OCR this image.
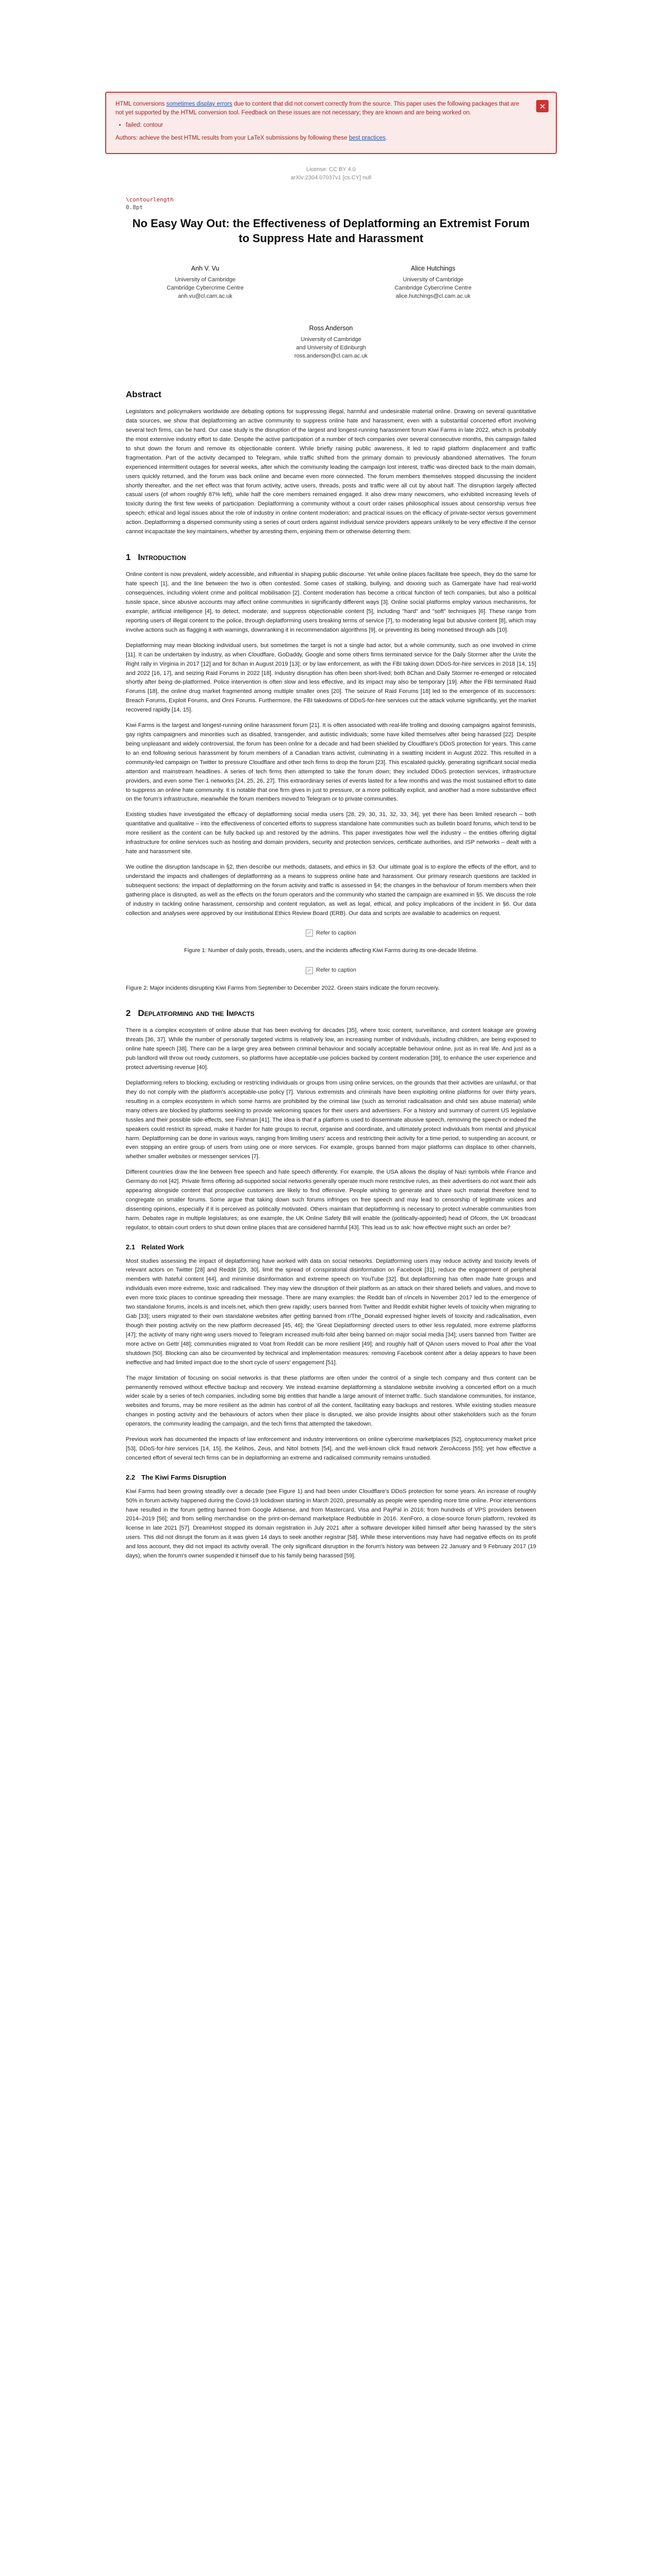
✕

HTML conversions sometimes display errors due to content that did not convert correctly from the source. This paper uses the following packages that are not yet supported by the HTML conversion tool. Feedback on these issues are not necessary; they are known and are being worked on.

• failed: contour

Authors: achieve the best HTML results from your LaTeX submissions by following these best practices.

License: CC BY 4.0
arXiv:2304.07037v1 [cs.CY] null
\contourlength
0.8pt
No Easy Way Out: the Effectiveness of Deplatforming an Extremist Forum to Suppress Hate and Harassment
Anh V. Vu
University of Cambridge
Cambridge Cybercrime Centre
anh.vu@cl.cam.ac.uk
Alice Hutchings
University of Cambridge
Cambridge Cybercrime Centre
alice.hutchings@cl.cam.ac.uk
Ross Anderson
University of Cambridge
and University of Edinburgh
ross.anderson@cl.cam.ac.uk
Abstract

Legislators and policymakers worldwide are debating options for suppressing illegal, harmful and undesirable material online. Drawing on several quantitative data sources, we show that deplatforming an active community to suppress online hate and harassment, even with a substantial concerted effort involving several tech firms, can be hard. Our case study is the disruption of the largest and longest-running harassment forum Kiwi Farms in late 2022, which is probably the most extensive industry effort to date. Despite the active participation of a number of tech companies over several consecutive months, this campaign failed to shut down the forum and remove its objectionable content. While briefly raising public awareness, it led to rapid platform displacement and traffic fragmentation. Part of the activity decamped to Telegram, while traffic shifted from the primary domain to previously abandoned alternatives. The forum experienced intermittent outages for several weeks, after which the community leading the campaign lost interest, traffic was directed back to the main domain, users quickly returned, and the forum was back online and became even more connected. The forum members themselves stopped discussing the incident shortly thereafter, and the net effect was that forum activity, active users, threads, posts and traffic were all cut by about half. The disruption largely affected casual users (of whom roughly 87% left), while half the core members remained engaged. It also drew many newcomers, who exhibited increasing levels of toxicity during the first few weeks of participation. Deplatforming a community without a court order raises philosophical issues about censorship versus free speech; ethical and legal issues about the role of industry in online content moderation; and practical issues on the efficacy of private-sector versus government action. Deplatforming a dispersed community using a series of court orders against individual service providers appears unlikely to be very effective if the censor cannot incapacitate the key maintainers, whether by arresting them, enjoining them or otherwise deterring them.

1 Introduction

Online content is now prevalent, widely accessible, and influential in shaping public discourse. Yet while online places facilitate free speech, they do the same for hate speech [1], and the line between the two is often contested. Some cases of stalking, bullying, and doxxing such as Gamergate have had real-world consequences, including violent crime and political mobilisation [2]. Content moderation has become a critical function of tech companies, but also a political tussle space, since abusive accounts may affect online communities in significantly different ways [3]. Online social platforms employ various mechanisms, for example, artificial intelligence [4], to detect, moderate, and suppress objectionable content [5], including "hard" and "soft" techniques [6]. These range from reporting users of illegal content to the police, through deplatforming users breaking terms of service [7], to moderating legal but abusive content [8], which may involve actions such as flagging it with warnings, downranking it in recommendation algorithms [9], or preventing its being monetised through ads [10].

Deplatforming may mean blocking individual users, but sometimes the target is not a single bad actor, but a whole community, such as one involved in crime [11]. It can be undertaken by industry, as when Cloudflare, GoDaddy, Google and some others firms terminated service for the Daily Stormer after the Unite the Right rally in Virginia in 2017 [12] and for 8chan in August 2019 [13]; or by law enforcement, as with the FBI taking down DDoS-for-hire services in 2018 [14, 15] and 2022 [16, 17], and seizing Raid Forums in 2022 [18]. Industry disruption has often been short-lived; both 8Chan and Daily Stormer re-emerged or relocated shortly after being de-platformed. Police intervention is often slow and less effective, and its impact may also be temporary [19]. After the FBI terminated Raid Forums [18], the online drug market fragmented among multiple smaller ones [20]. The seizure of Raid Forums [18] led to the emergence of its successors: Breach Forums, Exploit Forums, and Onni Forums. Furthermore, the FBI takedowns of DDoS-for-hire services cut the attack volume significantly, yet the market recovered rapidly [14, 15].

Kiwi Farms is the largest and longest-running online harassment forum [21]. It is often associated with real-life trolling and doxxing campaigns against feminists, gay rights campaigners and minorities such as disabled, transgender, and autistic individuals; some have killed themselves after being harassed [22]. Despite being unpleasant and widely controversial, the forum has been online for a decade and had been shielded by Cloudflare's DDoS protection for years. This came to an end following serious harassment by forum members of a Canadian trans activist, culminating in a swatting incident in August 2022. This resulted in a community-led campaign on Twitter to pressure Cloudflare and other tech firms to drop the forum [23]. This escalated quickly, generating significant social media attention and mainstream headlines. A series of tech firms then attempted to take the forum down; they included DDoS protection services, infrastructure providers, and even some Tier-1 networks [24, 25, 26, 27]. This extraordinary series of events lasted for a few months and was the most sustained effort to date to suppress an online hate community. It is notable that one firm gives in just to pressure, or a more politically explicit, and another had a more substantive effect on the forum's infrastructure, meanwhile the forum members moved to Telegram or to private communities.

Existing studies have investigated the efficacy of deplatforming social media users [28, 29, 30, 31, 32, 33, 34], yet there has been limited research – both quantitative and qualitative – into the effectiveness of concerted efforts to suppress standalone hate communities such as bulletin board forums, which tend to be more resilient as the content can be fully backed up and restored by the admins. This paper investigates how well the industry – the entities offering digital infrastructure for online services such as hosting and domain providers, security and protection services, certificate authorities, and ISP networks – dealt with a hate and harassment site.

We outline the disruption landscape in §2, then describe our methods, datasets, and ethics in §3. Our ultimate goal is to explore the effects of the effort, and to understand the impacts and challenges of deplatforming as a means to suppress online hate and harassment. Our primary research questions are tackled in subsequent sections: the impact of deplatforming on the forum activity and traffic is assessed in §4; the changes in the behaviour of forum members when their gathering place is disrupted, as well as the effects on the forum operators and the community who started the campaign are examined in §5. We discuss the role of industry in tackling online harassment, censorship and content regulation, as well as legal, ethical, and policy implications of the incident in §6. Our data collection and analyses were approved by our institutional Ethics Review Board (ERB). Our data and scripts are available to academics on request.

Refer to caption
Figure 1: Number of daily posts, threads, users, and the incidents affecting Kiwi Farms during its one-decade lifetime.
Refer to caption
Figure 2: Major incidents disrupting Kiwi Farms from September to December 2022. Green stairs indicate the forum recovery.
2 Deplatforming and the Impacts

There is a complex ecosystem of online abuse that has been evolving for decades [35], where toxic content, surveillance, and content leakage are growing threats [36, 37]. While the number of personally targeted victims is relatively low, an increasing number of individuals, including children, are being exposed to online hate speech [38]. There can be a large grey area between criminal behaviour and socially acceptable behaviour online, just as in real life. And just as a pub landlord will throw out rowdy customers, so platforms have acceptable-use policies backed by content moderation [39], to enhance the user experience and protect advertising revenue [40].

Deplatforming refers to blocking, excluding or restricting individuals or groups from using online services, on the grounds that their activities are unlawful, or that they do not comply with the platform's acceptable-use policy [7]. Various extremists and criminals have been exploiting online platforms for over thirty years, resulting in a complex ecosystem in which some harms are prohibited by the criminal law (such as terrorist radicalisation and child sex abuse material) while many others are blocked by platforms seeking to provide welcoming spaces for their users and advertisers. For a history and summary of current US legislative tussles and their possible side-effects, see Fishman [41]. The idea is that if a platform is used to disseminate abusive speech, removing the speech or indeed the speakers could restrict its spread, make it harder for hate groups to recruit, organise and coordinate, and ultimately protect individuals from mental and physical harm. Deplatforming can be done in various ways, ranging from limiting users' access and restricting their activity for a time period, to suspending an account, or even stopping an entire group of users from using one or more services. For example, groups banned from major platforms can displace to other channels, whether smaller websites or messenger services [7].

Different countries draw the line between free speech and hate speech differently. For example, the USA allows the display of Nazi symbols while France and Germany do not [42]. Private firms offering ad-supported social networks generally operate much more restrictive rules, as their advertisers do not want their ads appearing alongside content that prospective customers are likely to find offensive. People wishing to generate and share such material therefore tend to congregate on smaller forums. Some argue that taking down such forums infringes on free speech and may lead to censorship of legitimate voices and dissenting opinions, especially if it is perceived as politically motivated. Others maintain that deplatforming is necessary to protect vulnerable communities from harm. Debates rage in multiple legislatures; as one example, the UK Online Safety Bill will enable the (politically-appointed) head of Ofcom, the UK broadcast regulator, to obtain court orders to shut down online places that are considered harmful [43]. This lead us to ask: how effective might such an order be?

2.1 Related Work

Most studies assessing the impact of deplatforming have worked with data on social networks. Deplatforming users may reduce activity and toxicity levels of relevant actors on Twitter [28] and Reddit [29, 30], limit the spread of conspiratorial disinformation on Facebook [31], reduce the engagement of peripheral members with hateful content [44], and minimise disinformation and extreme speech on YouTube [32]. But deplatforming has often made hate groups and individuals even more extreme, toxic and radicalised. They may view the disruption of their platform as an attack on their shared beliefs and values, and move to even more toxic places to continue spreading their message. There are many examples: the Reddit ban of r/incels in November 2017 led to the emergence of two standalone forums, incels.is and incels.net, which then grew rapidly; users banned from Twitter and Reddit exhibit higher levels of toxicity when migrating to Gab [33]; users migrated to their own standalone websites after getting banned from r/The_Donald expressed higher levels of toxicity and radicalisation, even though their posting activity on the new platform decreased [45, 46]; the 'Great Deplatforming' directed users to other less regulated, more extreme platforms [47]; the activity of many right-wing users moved to Telegram increased multi-fold after being banned on major social media [34]; users banned from Twitter are more active on Gettr [48]; communities migrated to Voat from Reddit can be more resilient [49]; and roughly half of QAnon users moved to Poal after the Voat shutdown [50]. Blocking can also be circumvented by technical and implementation measures: removing Facebook content after a delay appears to have been ineffective and had limited impact due to the short cycle of users' engagement [51].

The major limitation of focusing on social networks is that these platforms are often under the control of a single tech company and thus content can be permanently removed without effective backup and recovery. We instead examine deplatforming a standalone website involving a concerted effort on a much wider scale by a series of tech companies, including some big entities that handle a large amount of Internet traffic. Such standalone communities, for instance, websites and forums, may be more resilient as the admin has control of all the content, facilitating easy backups and restores. While existing studies measure changes in posting activity and the behaviours of actors when their place is disrupted, we also provide insights about other stakeholders such as the forum operators, the community leading the campaign, and the tech firms that attempted the takedown.

Previous work has documented the impacts of law enforcement and industry interventions on online cybercrime marketplaces [52], cryptocurrency market price [53], DDoS-for-hire services [14, 15], the Kelihos, Zeus, and Nitol botnets [54], and the well-known click fraud network ZeroAccess [55]; yet how effective a concerted effort of several tech firms can be in deplatforming an extreme and radicalised community remains unstudied.

2.2 The Kiwi Farms Disruption

Kiwi Farms had been growing steadily over a decade (see Figure 1) and had been under Cloudflare's DDoS protection for some years. An increase of roughly 50% in forum activity happened during the Covid-19 lockdown starting in March 2020, presumably as people were spending more time online. Prior interventions have resulted in the forum getting banned from Google Adsense, and from Mastercard, Visa and PayPal in 2016; from hundreds of VPS providers between 2014–2019 [56]; and from selling merchandise on the print-on-demand marketplace Redbubble in 2016. XenForo, a close-source forum platform, revoked its license in late 2021 [57]. DreamHost stopped its domain registration in July 2021 after a software developer killed himself after being harassed by the site's users. This did not disrupt the forum as it was given 14 days to seek another registrar [58]. While these interventions may have had negative effects on its profit and loss account, they did not impact its activity overall. The only significant disruption in the forum's history was between 22 January and 9 February 2017 (19 days), when the forum's owner suspended it himself due to his family being harassed [59].
